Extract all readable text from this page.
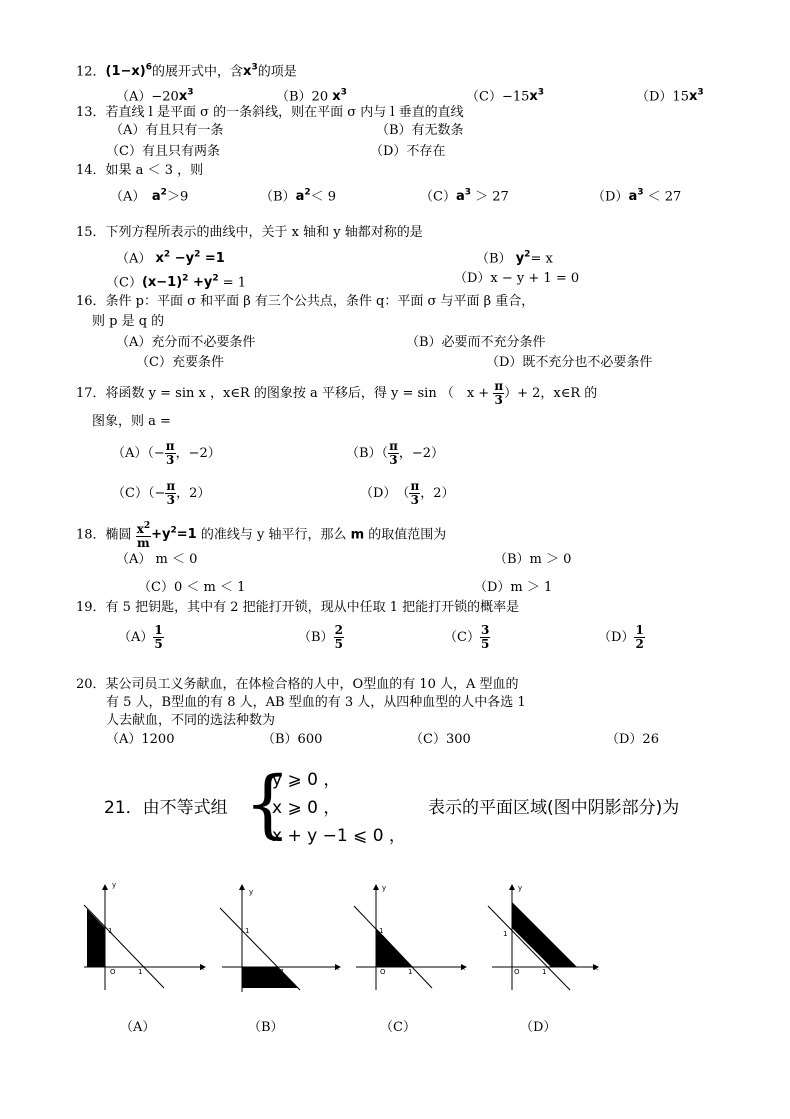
12．$(1-x)^6$的展开式中，含$x^3$的项是
$(A)-20x^3$	（B）20 $x^3$	$(C)-15x^3$	$(D)15x^3$
13．若直线 l 是平面 σ 的一条斜线，则在平面 σ 内与 l 垂直的直线
（A）有且只有一条	（B）有无数条
（C）有且只有两条	（D）不存在
14．如果 a ＜ 3 ，则
（A）　$a^2>9$	$(B)a^2< 9$	$(C)a^3 > 27$	$(D)a^3 < 27$
15．下列方程所表示的曲线中，关于 x 轴和 y 轴都对称的是
（A） $x^2 -y^2 =1$	（B） $y^2= x$
$(C)(x-1)^2 +y^2 = 1$	（D）x − y + 1 = 0
16．条件 p：平面 σ 和平面 β 有三个公共点，条件 q：平面 σ 与平面 β 重合，
则 p 是 q 的
（A）充分而不必要条件	（B）必要而不充分条件
（C）充要条件	（D）既不充分也不必要条件
17．将函数 y = sin x ，x∈R 的图象按 a 平移后，得 y = sin （　$x + \frac{\pi}{3}$ ）+ 2，x∈R 的
图象，则 a =
$(A)(- \frac{\pi}{3}$ ，−2）	$(B)( \frac{\pi}{3}$ ，−2）
$(C)(- \frac{\pi}{3}$ ，2）	（D）　（ $\frac{\pi}{3}$ ，2）
18．椭圆 $\frac{x^2}{m} +y^2=1$ 的准线与 y 轴平行，那么 m 的取值范围为
（A） m ＜ 0	（B）m ＞ 0
（C）0 ＜ m ＜ 1	（D）m ＞ 1
19．有 5 把钥匙，其中有 2 把能打开锁，现从中任取 1 把能打开锁的概率是
$(A) \frac{1}{5}$	$(B) \frac{2}{5}$	$(C) \frac{3}{5}$	$(D) \frac{1}{2}$
20．某公司员工义务献血，在体检合格的人中，O型血的有 10 人，A 型血的
有 5 人，B型血的有 8 人，AB 型血的有 3 人，从四种血型的人中各选 1
人去献血，不同的选法种数为
（A）1200	（B）600	（C）300	（D）26
21．由不等式组 {
y ⩾ 0 ，
x ⩾ 0 ，
x + y −1 ⩽ 0 ，
表示的平面区域(图中阴影部分)为
y
x
O
1
1
y
x
O
1
1
y
x
O
1
1
y
x
O
1
1
（A）	（B）	（C）	（D）
